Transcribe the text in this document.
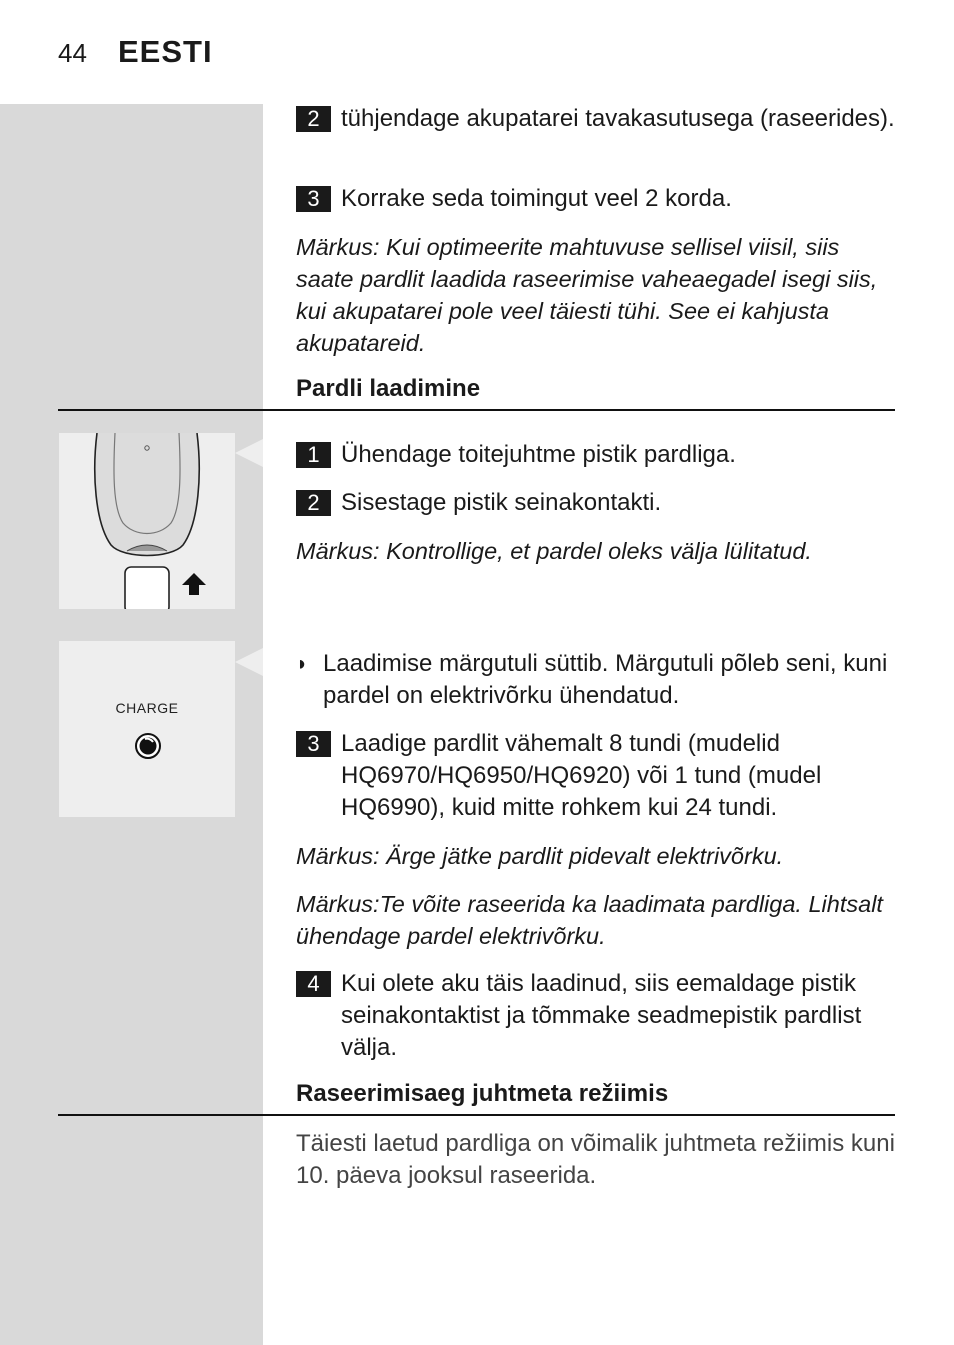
44 EESTI
2 tühjendage akupatarei tavakasutusega (raseerides).
3 Korrake seda toimingut veel 2 korda.
Märkus: Kui optimeerite mahtuvuse sellisel viisil, siis saate pardlit laadida raseerimise vaheaegadel isegi siis, kui akupatarei pole veel täiesti tühi. See ei kahjusta akupatareid.
Pardli laadimine
1 Ühendage toitejuhtme pistik pardliga.
2 Sisestage pistik seinakontakti.
Märkus: Kontrollige, et pardel oleks välja lülitatud.
CHARGE
◗ Laadimise märgutuli süttib. Märgutuli põleb seni, kuni pardel on elektrivõrku ühendatud.
3 Laadige pardlit vähemalt 8 tundi (mudelid HQ6970/HQ6950/HQ6920) või 1 tund (mudel HQ6990), kuid mitte rohkem kui 24 tundi.
Märkus: Ärge jätke pardlit pidevalt elektrivõrku.
Märkus:Te võite raseerida ka laadimata pardliga. Lihtsalt ühendage pardel elektrivõrku.
4 Kui olete aku täis laadinud, siis eemaldage pistik seinakontaktist ja tõmmake seadmepistik pardlist välja.
Raseerimisaeg juhtmeta režiimis
Täiesti laetud pardliga on võimalik juhtmeta režiimis kuni 10. päeva jooksul raseerida.
